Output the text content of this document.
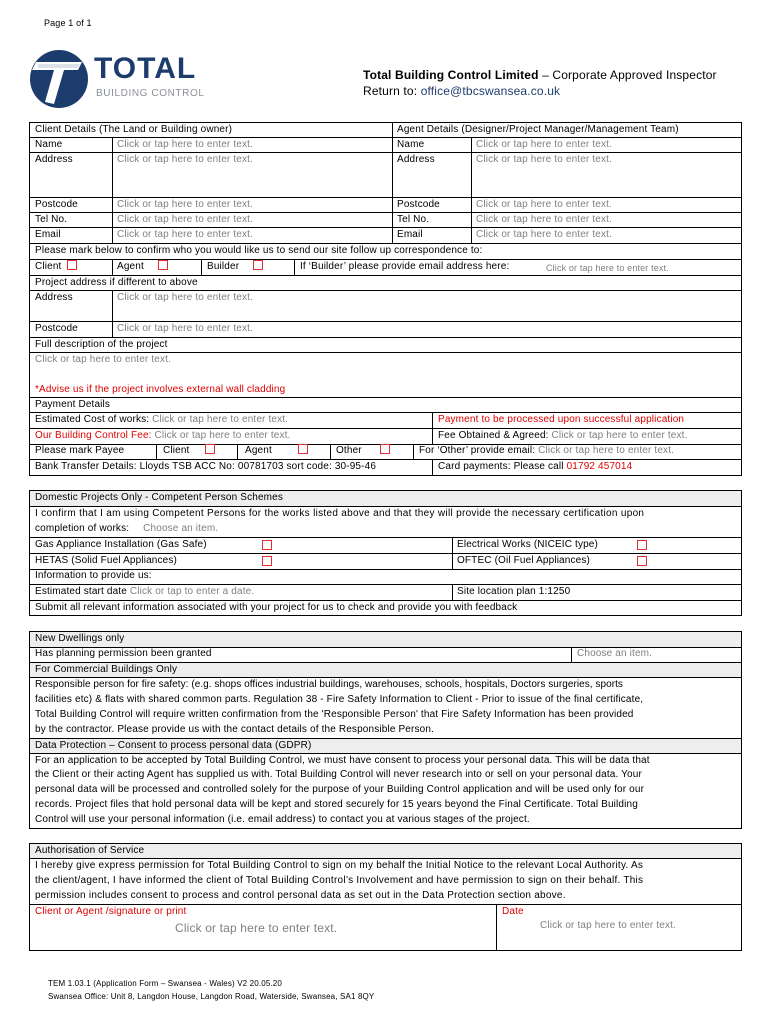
Page 1 of 1
TOTAL
BUILDING CONTROL
Total Building Control Limited – Corporate Approved Inspector
Return to: office@tbcswansea.co.uk
Client Details (The Land or Building owner)	Agent Details (Designer/Project Manager/Management Team)
Name	Click or tap here to enter text.	Name	Click or tap here to enter text.
Address	Click or tap here to enter text.	Address	Click or tap here to enter text.
Postcode	Click or tap here to enter text.	Postcode	Click or tap here to enter text.
Tel No.	Click or tap here to enter text.	Tel No.	Click or tap here to enter text.
Email	Click or tap here to enter text.	Email	Click or tap here to enter text.
Please mark below to confirm who you would like us to send our site follow up correspondence to:
Client	Agent	Builder	If ‘Builder’ please provide email address here:	Click or tap here to enter text.
Project address if different to above
Address	Click or tap here to enter text.
Postcode	Click or tap here to enter text.
Full description of the project
Click or tap here to enter text.
*Advise us if the project involves external wall cladding
Payment Details
Estimated Cost of works: Click or tap here to enter text.	Payment to be processed upon successful application
Our Building Control Fee: Click or tap here to enter text.	Fee Obtained & Agreed: Click or tap here to enter text.
Please mark Payee	Client	Agent	Other	For ‘Other’ provide email: Click or tap here to enter text.
Bank Transfer Details: Lloyds TSB ACC No: 00781703 sort code: 30-95-46	Card payments: Please call 01792 457014
Domestic Projects Only - Competent Person Schemes
I confirm that I am using Competent Persons for the works listed above and that they will provide the necessary certification upon
completion of works: Choose an item.
Gas Appliance Installation (Gas Safe)	Electrical Works (NICEIC type)
HETAS (Solid Fuel Appliances)	OFTEC (Oil Fuel Appliances)
Information to provide us:
Estimated start date Click or tap to enter a date.	Site location plan 1:1250
Submit all relevant information associated with your project for us to check and provide you with feedback
New Dwellings only
Has planning permission been granted	Choose an item.
For Commercial Buildings Only
Responsible person for fire safety: (e.g. shops offices industrial buildings, warehouses, schools, hospitals, Doctors surgeries, sports
facilities etc) & flats with shared common parts. Regulation 38 - Fire Safety Information to Client - Prior to issue of the final certificate,
Total Building Control will require written confirmation from the 'Responsible Person' that Fire Safety Information has been provided
by the contractor. Please provide us with the contact details of the Responsible Person.
Data Protection – Consent to process personal data (GDPR)
For an application to be accepted by Total Building Control, we must have consent to process your personal data. This will be data that
the Client or their acting Agent has supplied us with. Total Building Control will never research into or sell on your personal data. Your
personal data will be processed and controlled solely for the purpose of your Building Control application and will be used only for our
records. Project files that hold personal data will be kept and stored securely for 15 years beyond the Final Certificate. Total Building
Control will use your personal information (i.e. email address) to contact you at various stages of the project.
Authorisation of Service
I hereby give express permission for Total Building Control to sign on my behalf the Initial Notice to the relevant Local Authority. As
the client/agent, I have informed the client of Total Building Control’s Involvement and have permission to sign on their behalf. This
permission includes consent to process and control personal data as set out in the Data Protection section above.
Client or Agent /signature or print
Click or tap here to enter text.
Date
Click or tap here to enter text.
TEM 1.03.1 (Application Form – Swansea - Wales) V2 20.05.20
Swansea Office: Unit 8, Langdon House, Langdon Road, Waterside, Swansea, SA1 8QY
